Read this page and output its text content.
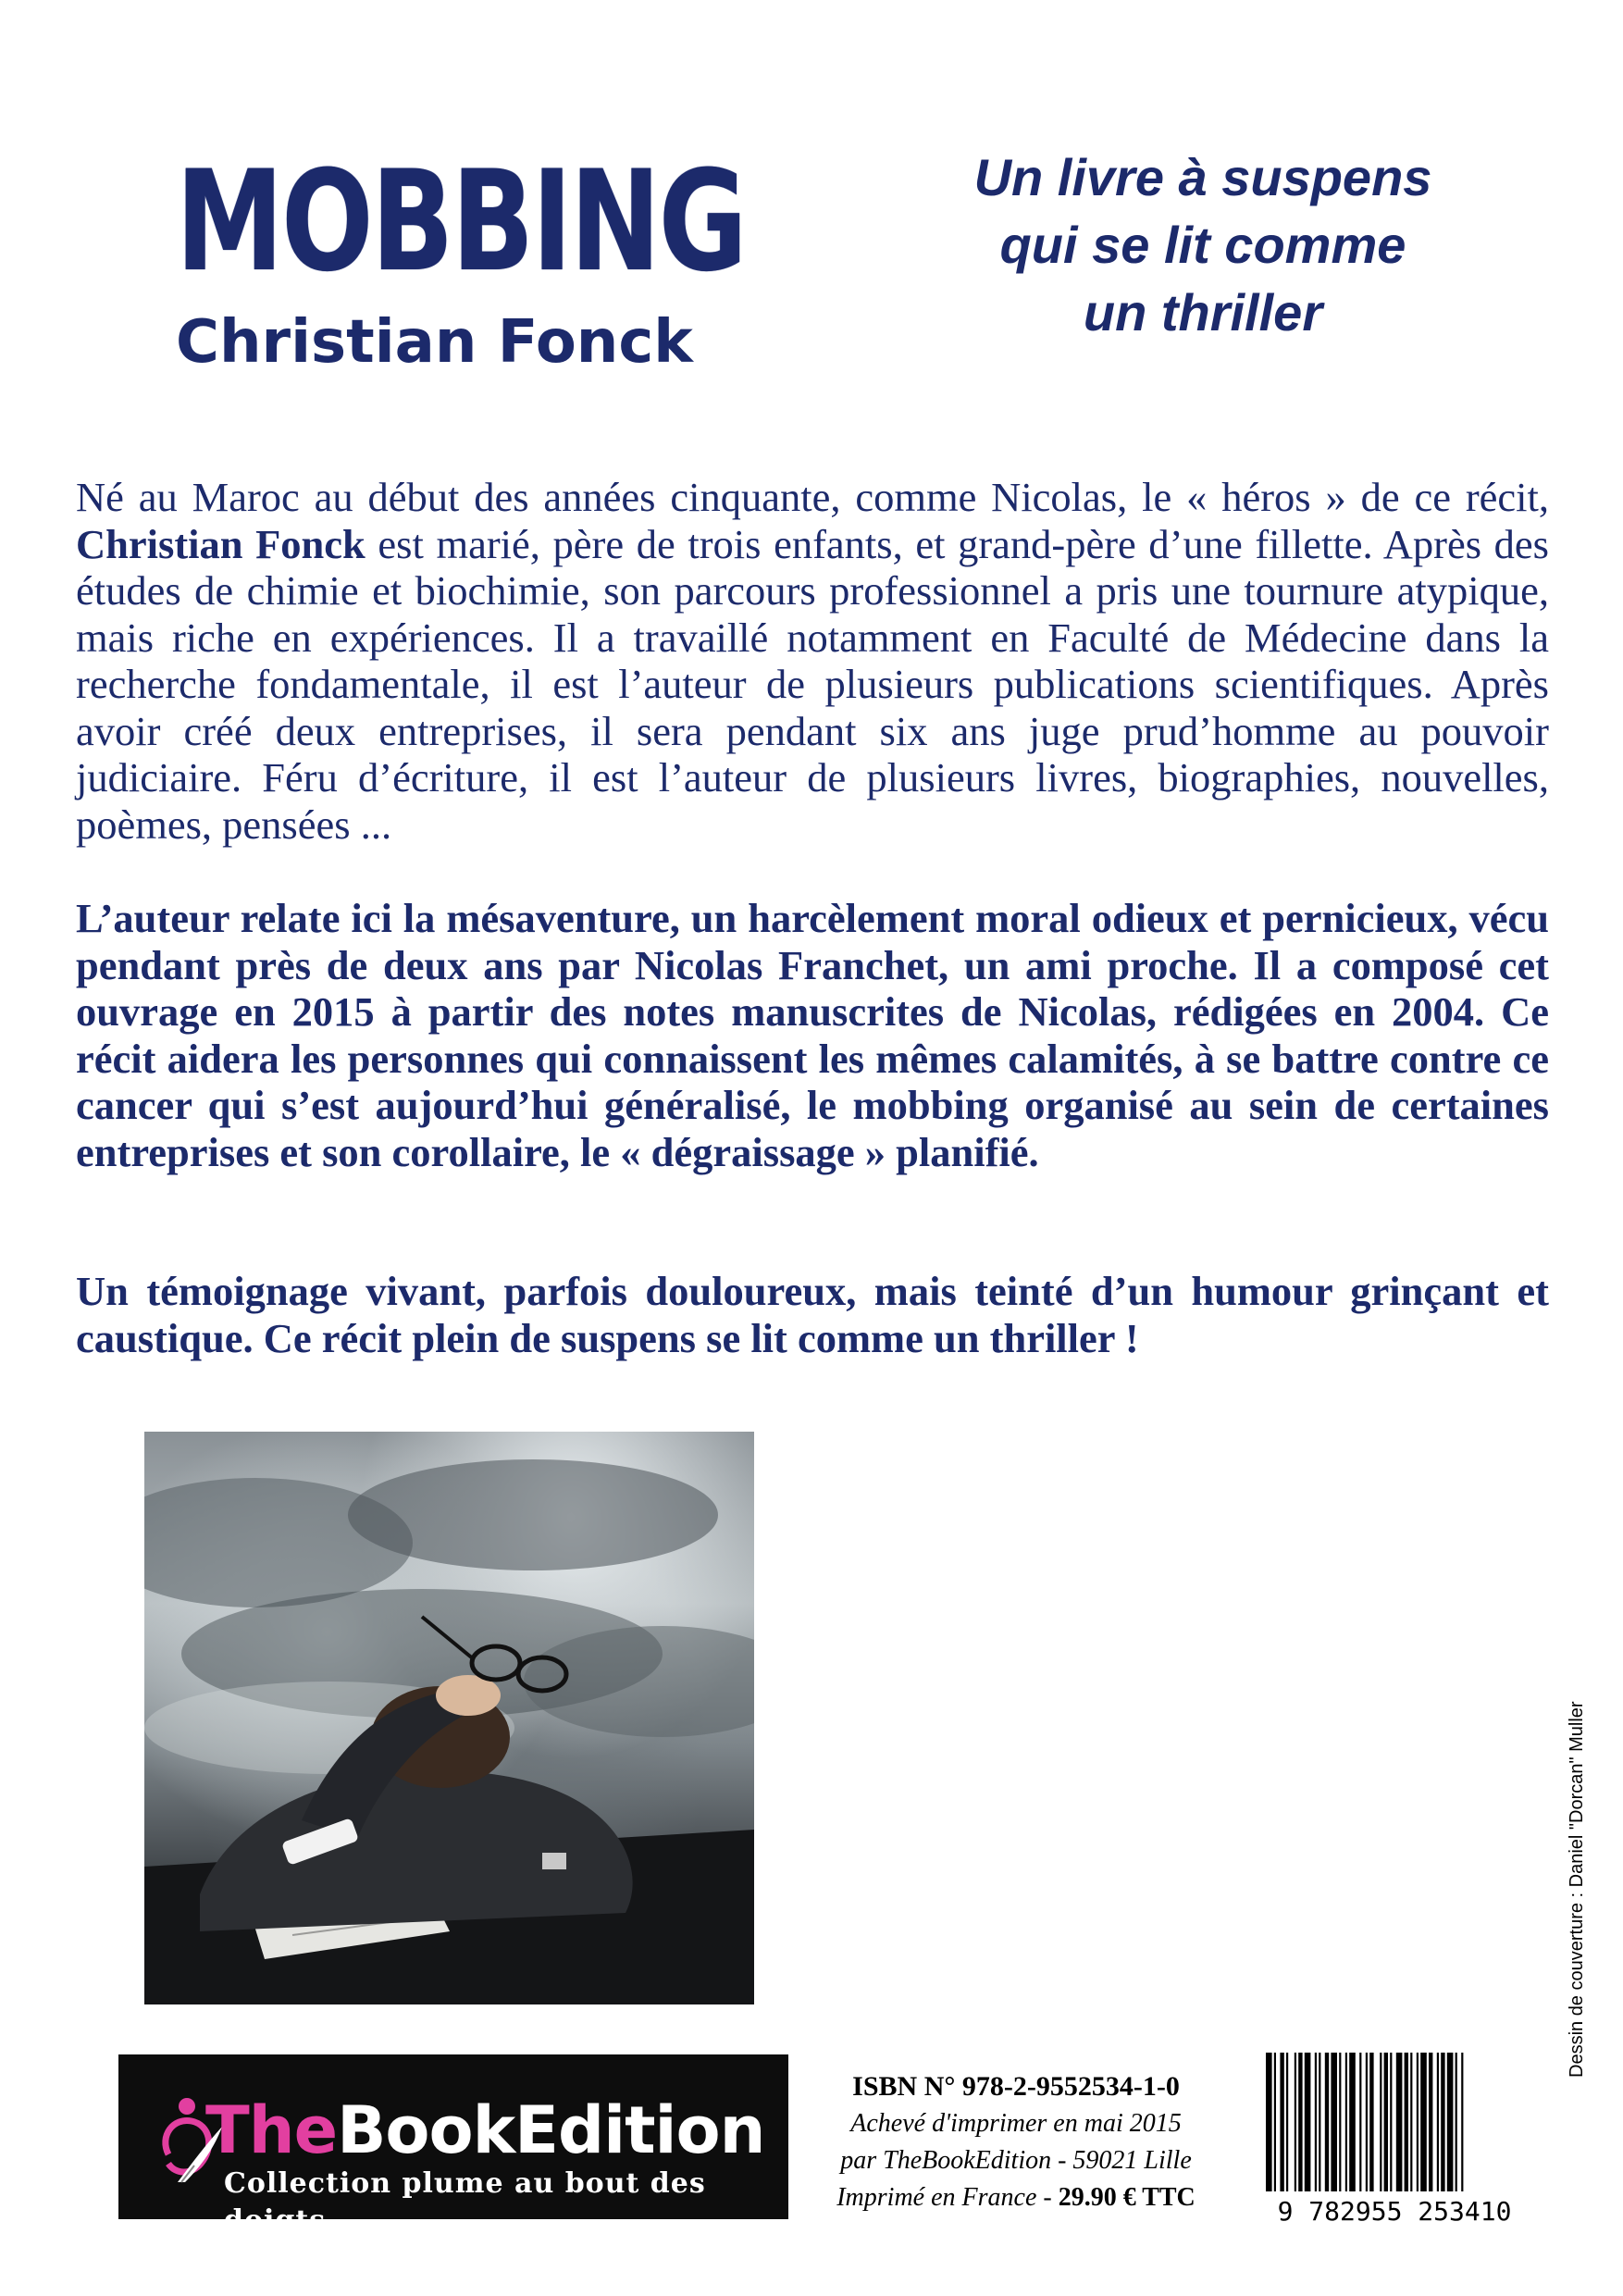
MOBBING
Christian Fonck
Un livre à suspens
qui se lit comme
un thriller
Né au Maroc au début des années cinquante, comme Nicolas, le « héros » de ce récit, Christian Fonck est marié, père de trois enfants, et grand-père d’une fillette. Après des études de chimie et biochimie, son parcours professionnel a pris une tournure atypique, mais riche en expériences. Il a travaillé notamment en Faculté de Médecine dans la recherche fondamentale, il est l’auteur de plusieurs publications scientifiques. Après avoir créé deux entreprises, il sera pendant six ans juge prud’homme au pouvoir judiciaire. Féru d’écriture, il est l’auteur de plusieurs livres, biographies, nouvelles, poèmes, pensées ...
L’auteur relate ici la mésaventure, un harcèlement moral odieux et pernicieux, vécu pendant près de deux ans par Nicolas Franchet, un ami proche. Il a composé cet ouvrage en 2015 à partir des notes manuscrites de Nicolas, rédigées en 2004. Ce récit aidera les personnes qui connaissent les mêmes calamités, à se battre contre ce cancer qui s’est aujourd’hui généralisé, le mobbing organisé au sein de certaines entreprises et son corollaire, le « dégraissage » planifié.
Un témoignage vivant, parfois douloureux, mais teinté d’un humour grinçant et caustique. Ce récit plein de suspens se lit comme un thriller !
TheBookEdition
Collection plume au bout des doigts
ISBN N° 978-2-9552534-1-0
Achevé d'imprimer en mai 2015
par TheBookEdition - 59021 Lille
Imprimé en France - 29.90 € TTC	9 782955 253410
Dessin de couverture : Daniel "Dorcan" Muller
